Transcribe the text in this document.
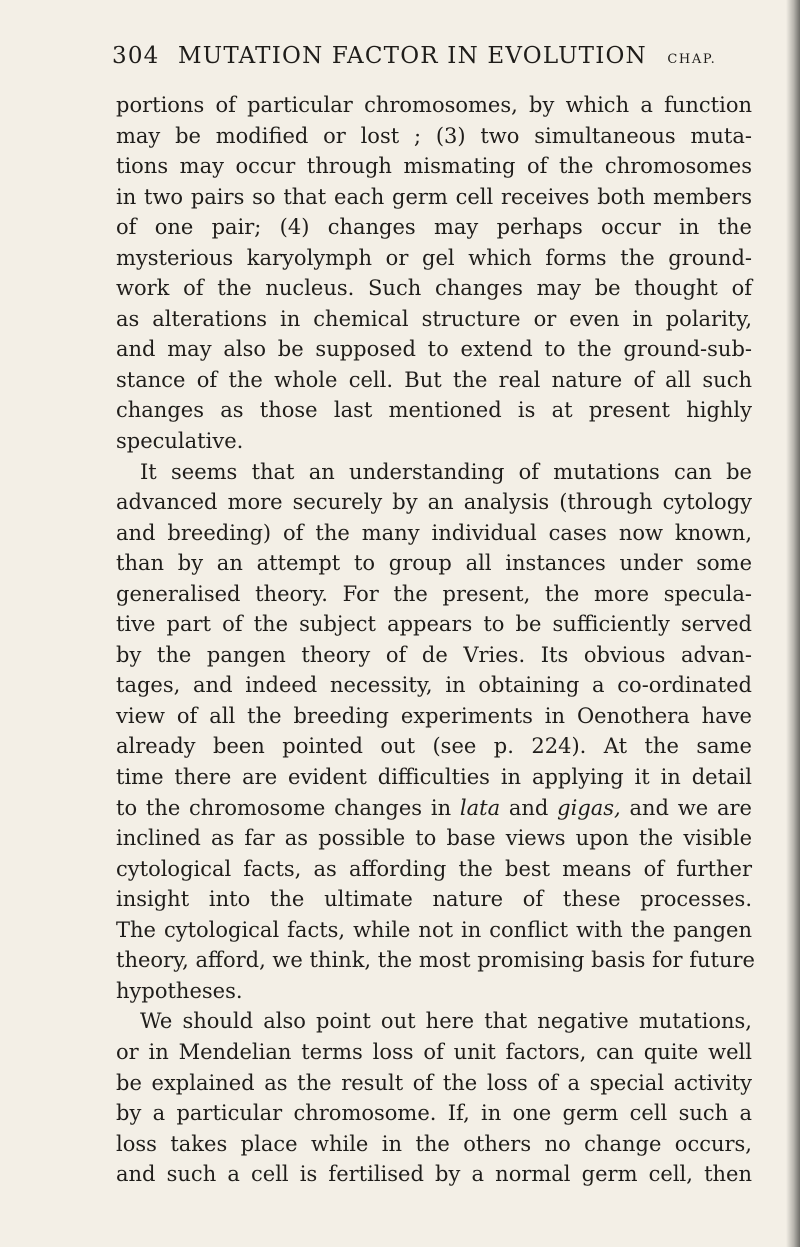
304 MUTATION FACTOR IN EVOLUTION CHAP.
portions of particular chromosomes, by which a function
may be modified or lost ; (3) two simultaneous muta-
tions may occur through mismating of the chromosomes
in two pairs so that each germ cell receives both members
of one pair; (4) changes may perhaps occur in the
mysterious karyolymph or gel which forms the ground-
work of the nucleus. Such changes may be thought of
as alterations in chemical structure or even in polarity,
and may also be supposed to extend to the ground-sub-
stance of the whole cell. But the real nature of all such
changes as those last mentioned is at present highly
speculative.
It seems that an understanding of mutations can be
advanced more securely by an analysis (through cytology
and breeding) of the many individual cases now known,
than by an attempt to group all instances under some
generalised theory. For the present, the more specula-
tive part of the subject appears to be sufficiently served
by the pangen theory of de Vries. Its obvious advan-
tages, and indeed necessity, in obtaining a co-ordinated
view of all the breeding experiments in Oenothera have
already been pointed out (see p. 224). At the same
time there are evident difficulties in applying it in detail
to the chromosome changes in lata and gigas, and we are
inclined as far as possible to base views upon the visible
cytological facts, as affording the best means of further
insight into the ultimate nature of these processes.
The cytological facts, while not in conflict with the pangen
theory, afford, we think, the most promising basis for future
hypotheses.
We should also point out here that negative mutations,
or in Mendelian terms loss of unit factors, can quite well
be explained as the result of the loss of a special activity
by a particular chromosome. If, in one germ cell such a
loss takes place while in the others no change occurs,
and such a cell is fertilised by a normal germ cell, then
